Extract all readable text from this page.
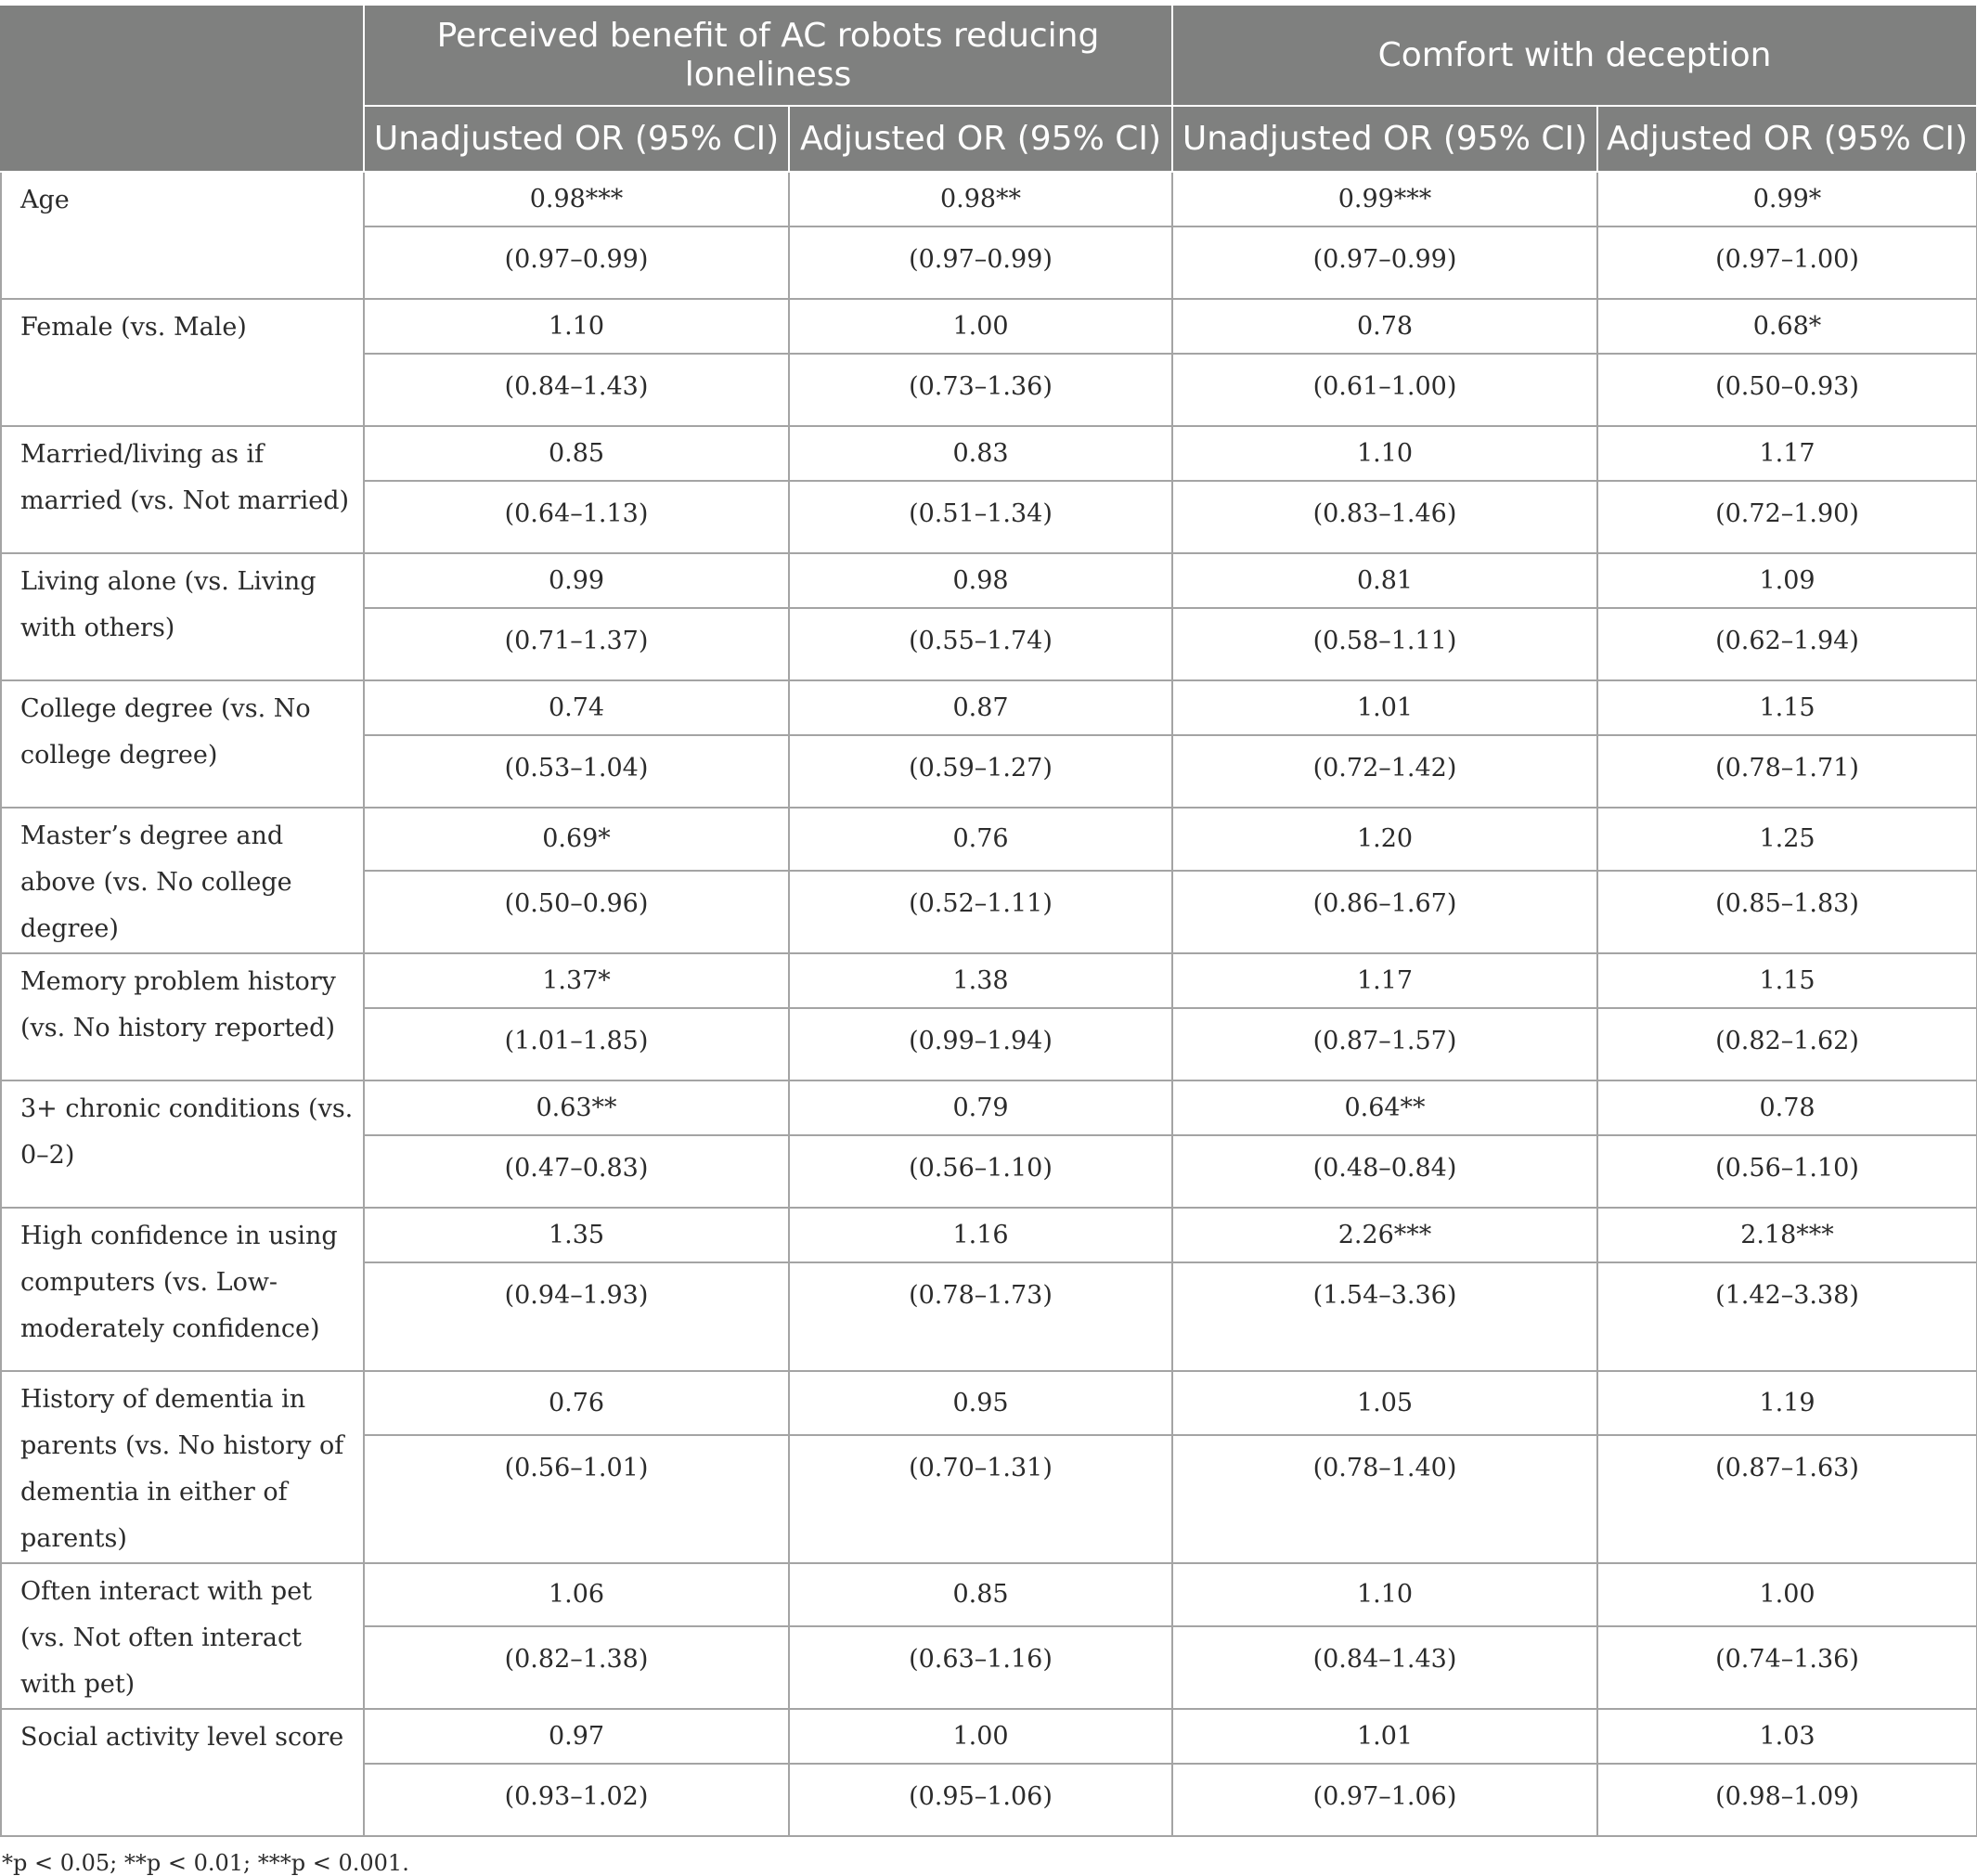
	Perceived benefit of AC robots reducing loneliness		Comfort with deception	
	Unadjusted OR (95% CI)	Adjusted OR (95% CI)	Unadjusted OR (95% CI)	Adjusted OR (95% CI)
Age	0.98***	0.98**	0.99***	0.99*
	(0.97–0.99)	(0.97–0.99)	(0.97–0.99)	(0.97–1.00)
Female (vs. Male)	1.10	1.00	0.78	0.68*
	(0.84–1.43)	(0.73–1.36)	(0.61–1.00)	(0.50–0.93)
Married/living as if married (vs. Not married)	0.85	0.83	1.10	1.17
	(0.64–1.13)	(0.51–1.34)	(0.83–1.46)	(0.72–1.90)
Living alone (vs. Living with others)	0.99	0.98	0.81	1.09
	(0.71–1.37)	(0.55–1.74)	(0.58–1.11)	(0.62–1.94)
College degree (vs. No college degree)	0.74	0.87	1.01	1.15
	(0.53–1.04)	(0.59–1.27)	(0.72–1.42)	(0.78–1.71)
Master’s degree and above (vs. No college degree)	0.69*	0.76	1.20	1.25
	(0.50–0.96)	(0.52–1.11)	(0.86–1.67)	(0.85–1.83)
Memory problem history (vs. No history reported)	1.37*	1.38	1.17	1.15
	(1.01–1.85)	(0.99–1.94)	(0.87–1.57)	(0.82–1.62)
3+ chronic conditions (vs. 0–2)	0.63**	0.79	0.64**	0.78
	(0.47–0.83)	(0.56–1.10)	(0.48–0.84)	(0.56–1.10)
High confidence in using computers (vs. Low-moderately confidence)	1.35	1.16	2.26***	2.18***
	(0.94–1.93)	(0.78–1.73)	(1.54–3.36)	(1.42–3.38)
History of dementia in parents (vs. No history of dementia in either of parents)	0.76	0.95	1.05	1.19
	(0.56–1.01)	(0.70–1.31)	(0.78–1.40)	(0.87–1.63)
Often interact with pet (vs. Not often interact with pet)	1.06	0.85	1.10	1.00
	(0.82–1.38)	(0.63–1.16)	(0.84–1.43)	(0.74–1.36)
Social activity level score	0.97	1.00	1.01	1.03
	(0.93–1.02)	(0.95–1.06)	(0.97–1.06)	(0.98–1.09)
*p < 0.05; **p < 0.01; ***p < 0.001.
